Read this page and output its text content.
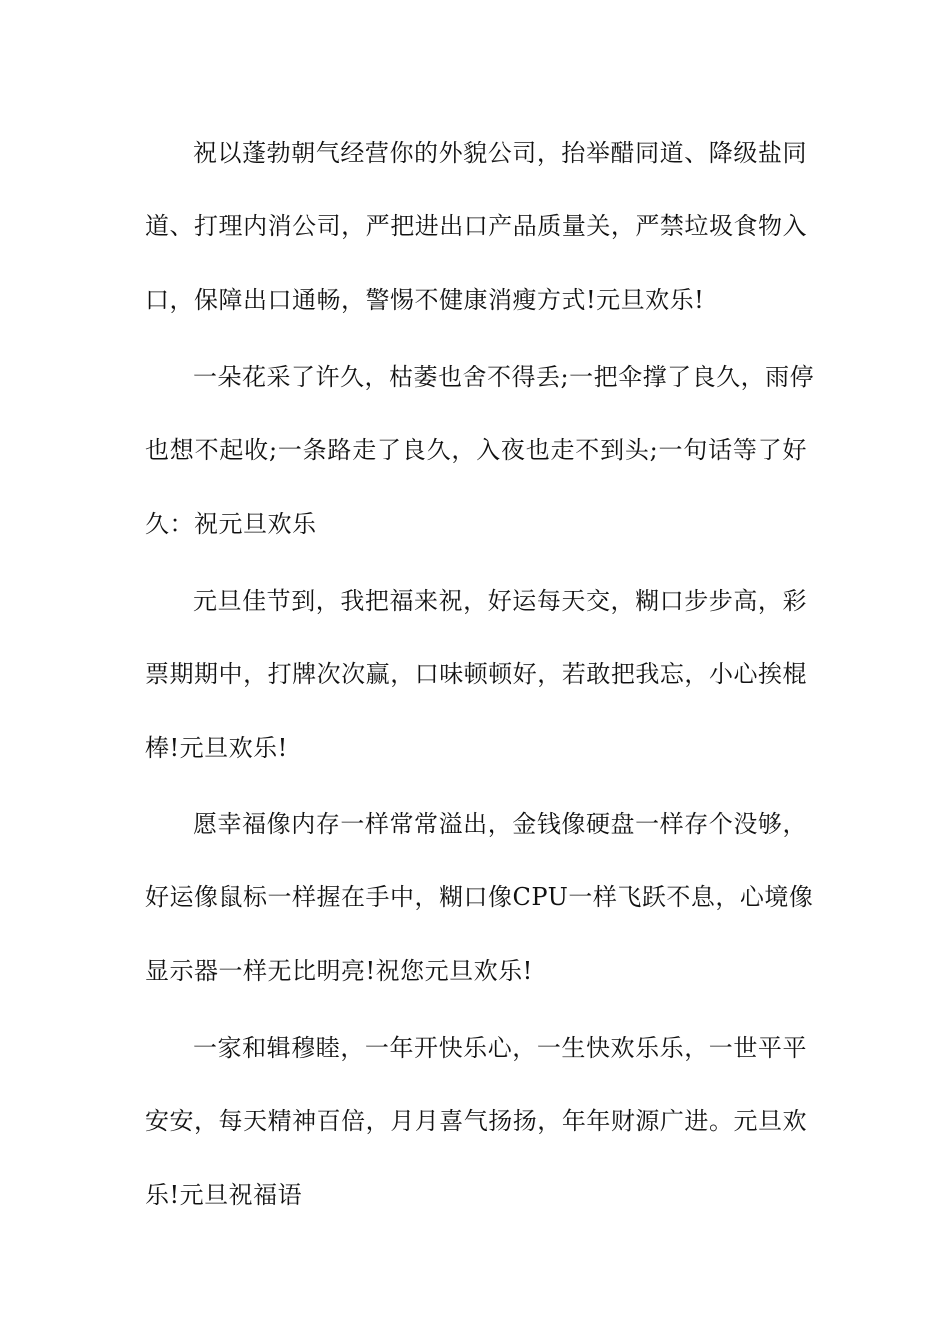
祝以蓬勃朝气经营你的外貌公司，抬举醋同道、降级盐同
道、打理内消公司，严把进出口产品质量关，严禁垃圾食物入
口，保障出口通畅，警惕不健康消瘦方式!元旦欢乐!
一朵花采了许久，枯萎也舍不得丢;一把伞撑了良久，雨停
也想不起收;一条路走了良久，入夜也走不到头;一句话等了好
久：祝元旦欢乐
元旦佳节到，我把福来祝，好运每天交，糊口步步高，彩
票期期中，打牌次次赢，口味顿顿好，若敢把我忘，小心挨棍
棒!元旦欢乐!
愿幸福像内存一样常常溢出，金钱像硬盘一样存个没够，
好运像鼠标一样握在手中，糊口像CPU一样飞跃不息，心境像
显示器一样无比明亮!祝您元旦欢乐!
一家和辑穆睦，一年开快乐心，一生快欢乐乐，一世平平
安安，每天精神百倍，月月喜气扬扬，年年财源广进。元旦欢
乐!元旦祝福语
